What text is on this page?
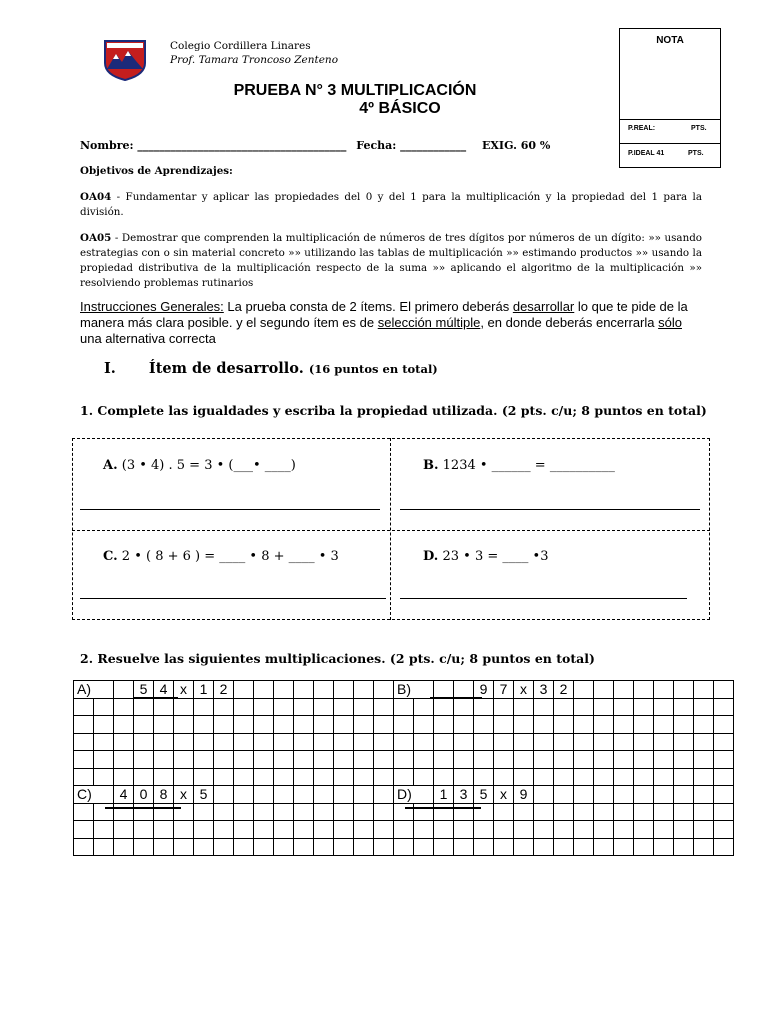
Colegio Cordillera Linares
Prof. Tamara Troncoso Zenteno
NOTA
P.REAL:	PTS.
P.IDEAL 41	PTS.
PRUEBA N° 3 MULTIPLICACIÓN
4º BÁSICO
Nombre: ______________________________________ Fecha: ____________ EXIG. 60 %
Objetivos de Aprendizajes:
OA04 - Fundamentar y aplicar las propiedades del 0 y del 1 para la multiplicación y la propiedad del 1 para la división.
OA05 - Demostrar que comprenden la multiplicación de números de tres dígitos por números de un dígito: »» usando estrategias con o sin material concreto »» utilizando las tablas de multiplicación »» estimando productos »» usando la propiedad distributiva de la multiplicación respecto de la suma »» aplicando el algoritmo de la multiplicación »» resolviendo problemas rutinarios
Instrucciones Generales: La prueba consta de 2 ítems. El primero deberás desarrollar lo que te pide de la manera más clara posible. y el segundo ítem es de selección múltiple, en donde deberás encerrarla sólo una alternativa correcta
I. Ítem de desarrollo. (16 puntos en total)
1. Complete las igualdades y escriba la propiedad utilizada. (2 pts. c/u; 8 puntos en total)
A. (3 • 4) . 5 = 3 • (___• ____)	B. 1234 • ______ = __________
C. 2 • ( 8 + 6 ) = ____ • 8 + ____ • 3	D. 23 • 3 = ____ •3
2. Resuelve las siguientes multiplicaciones. (2 pts. c/u; 8 puntos en total)
A)			5	4	x	1	2									B)				9	7	x	3	2								

C)		4	0	8	x	5										D)		1	3	5	x	9										
